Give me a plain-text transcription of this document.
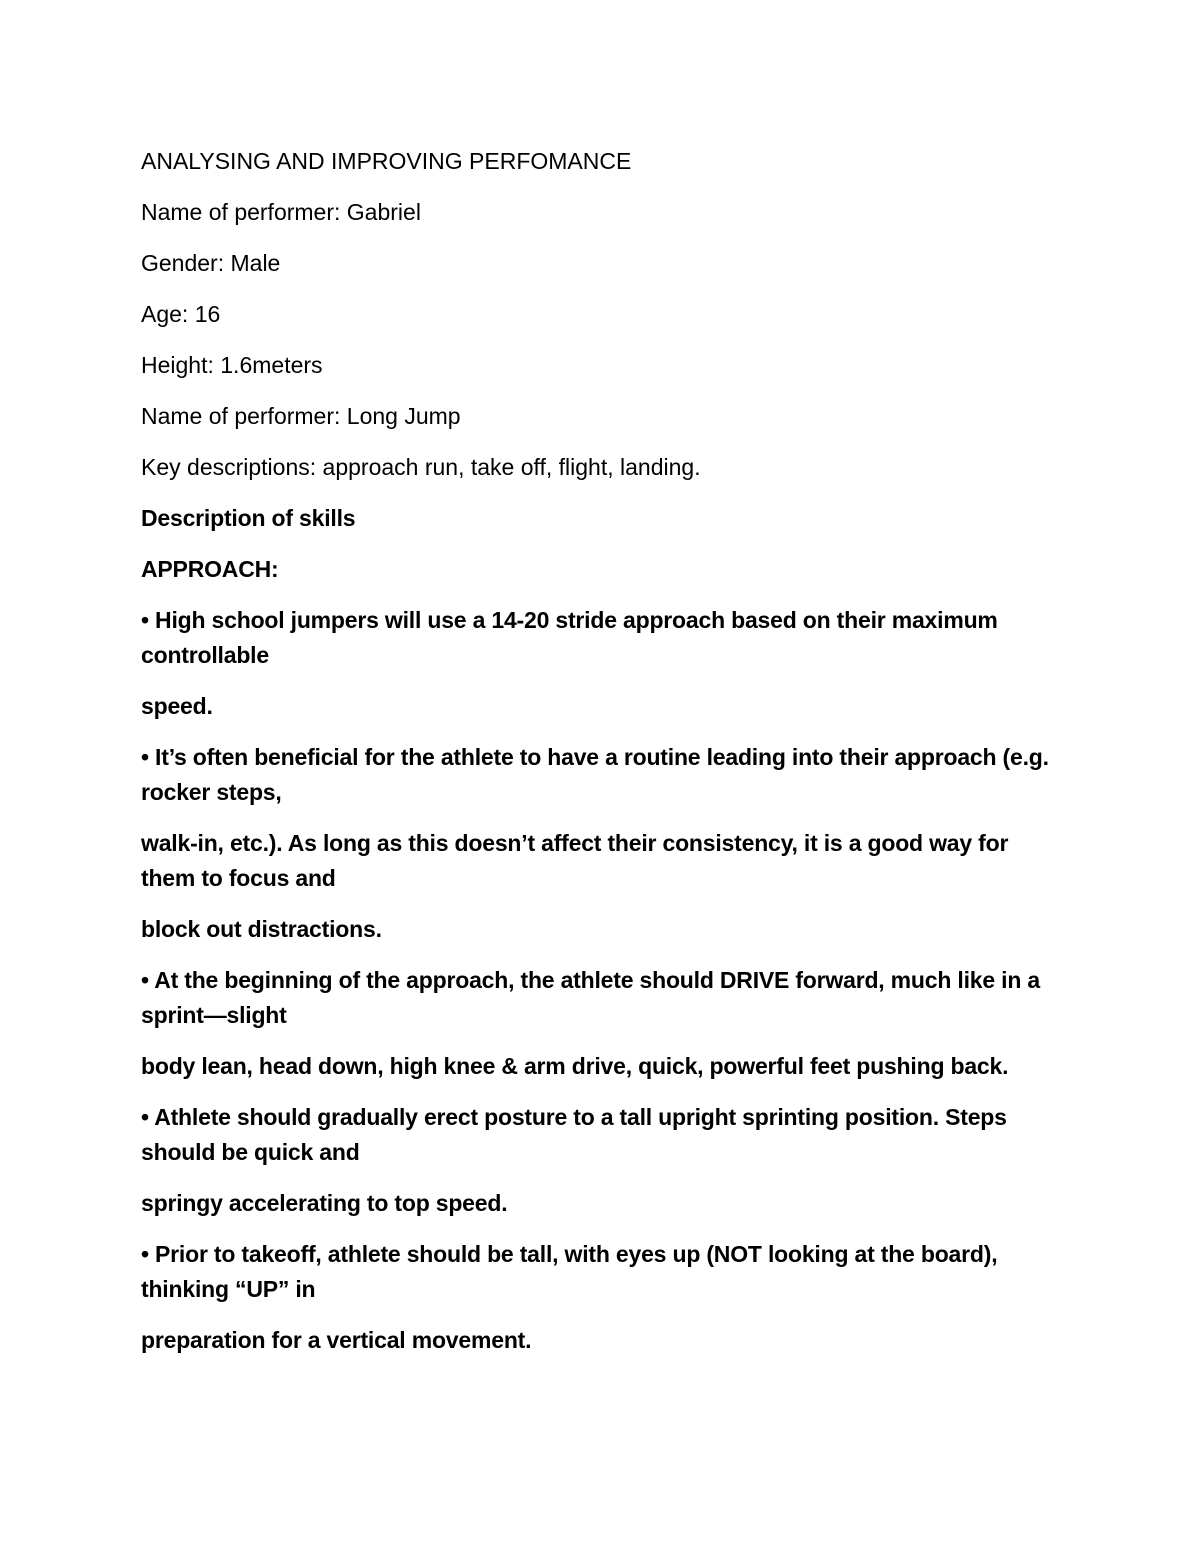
ANALYSING AND IMPROVING PERFOMANCE

Name of performer: Gabriel

Gender: Male

Age: 16

Height: 1.6meters

Name of performer: Long Jump

Key descriptions: approach run, take off, flight, landing.

Description of skills

APPROACH:

• High school jumpers will use a 14-20 stride approach based on their maximum controllable

speed.

• It’s often beneficial for the athlete to have a routine leading into their approach (e.g. rocker steps,

walk-in, etc.). As long as this doesn’t affect their consistency, it is a good way for them to focus and

block out distractions.

• At the beginning of the approach, the athlete should DRIVE forward, much like in a sprint—slight

body lean, head down, high knee & arm drive, quick, powerful feet pushing back.

• Athlete should gradually erect posture to a tall upright sprinting position. Steps should be quick and

springy accelerating to top speed.

• Prior to takeoff, athlete should be tall, with eyes up (NOT looking at the board), thinking “UP” in

preparation for a vertical movement.
